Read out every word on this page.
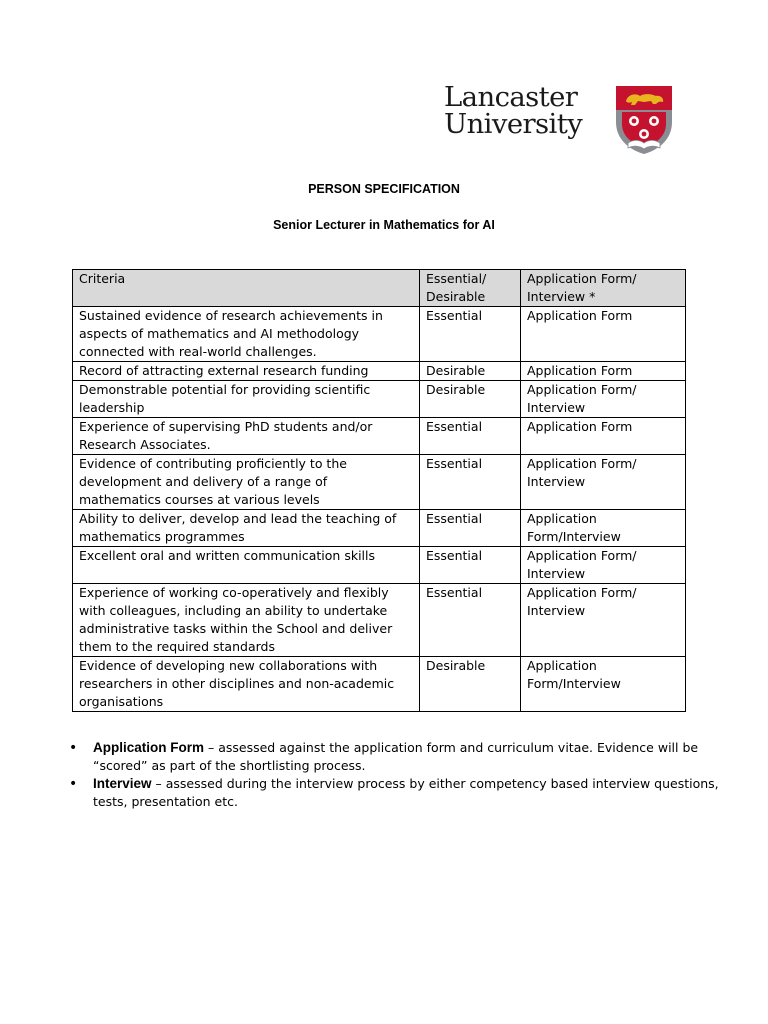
Lancaster
University

PERSON SPECIFICATION

Senior Lecturer in Mathematics for AI

Criteria	Essential/ Desirable	Application Form/ Interview *
Sustained evidence of research achievements in aspects of mathematics and AI methodology connected with real-world challenges.	Essential	Application Form
Record of attracting external research funding	Desirable	Application Form
Demonstrable potential for providing scientific leadership	Desirable	Application Form/ Interview
Experience of supervising PhD students and/or Research Associates.	Essential	Application Form
Evidence of contributing proficiently to the development and delivery of a range of mathematics courses at various levels	Essential	Application Form/ Interview
Ability to deliver, develop and lead the teaching of mathematics programmes	Essential	Application Form/Interview
Excellent oral and written communication skills	Essential	Application Form/ Interview
Experience of working co-operatively and flexibly with colleagues, including an ability to undertake administrative tasks within the School and deliver them to the required standards	Essential	Application Form/ Interview
Evidence of developing new collaborations with researchers in other disciplines and non-academic organisations	Desirable	Application Form/Interview
• Application Form – assessed against the application form and curriculum vitae. Evidence will be “scored” as part of the shortlisting process.
• Interview – assessed during the interview process by either competency based interview questions, tests, presentation etc.
